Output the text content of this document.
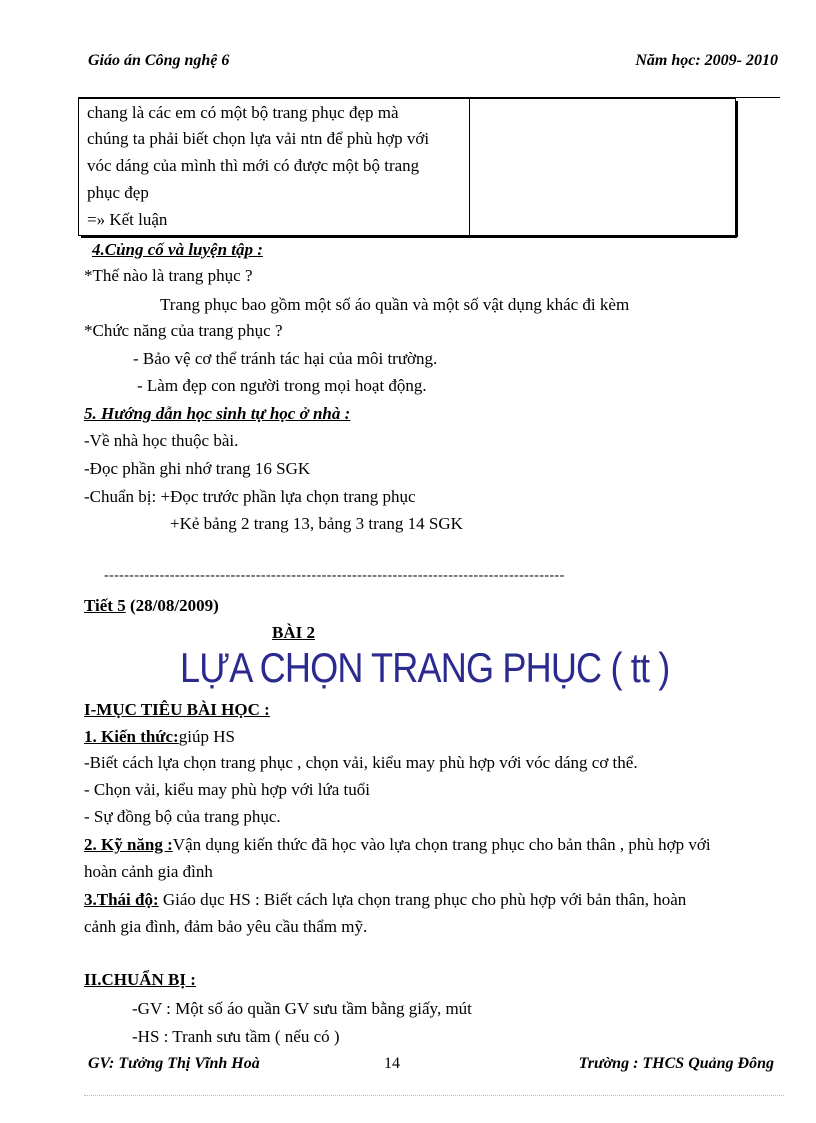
Giáo án Công nghệ 6	Năm học: 2009- 2010
chang là các em có một bộ trang phục đẹp mà
chúng ta phải biết chọn lựa vải ntn để phù hợp với
vóc dáng của mình thì mới có được một bộ trang
phục đẹp
=» Kết luận
4.Củng cố và luyện tập :
*Thế nào là trang phục ?
Trang phục bao gồm một số áo quần và một số vật dụng khác đi kèm
*Chức năng của trang phục ?
- Bảo vệ cơ thể tránh tác hại của môi trường.
- Làm đẹp con người trong mọi hoạt động.
5. Hướng dẫn học sinh tự học ở nhà :
-Về nhà học thuộc bài.
-Đọc phần ghi nhớ trang 16 SGK
-Chuẩn bị: +Đọc trước phần lựa chọn trang phục
+Kẻ bảng 2 trang 13, bảng 3 trang 14 SGK
-------------------------------------------------------------------------------------------
Tiết 5 (28/08/2009)
BÀI 2
LỰA CHỌN TRANG PHỤC ( tt )
I-MỤC TIÊU BÀI HỌC :
1. Kiến thức:giúp HS
-Biết cách lựa chọn trang phục , chọn vải, kiểu may phù hợp với vóc dáng cơ thể.
- Chọn vải, kiểu may phù hợp với lứa tuổi
- Sự đồng bộ của trang phục.
2. Kỹ năng :Vận dụng kiến thức đã học vào lựa chọn trang phục cho bản thân , phù hợp với
hoàn cảnh gia đình
3.Thái độ: Giáo dục HS : Biết cách lựa chọn trang phục cho phù hợp với bản thân, hoàn
cảnh gia đình, đảm bảo yêu cầu thẩm mỹ.
II.CHUẨN BỊ :
-GV : Một số áo quần GV sưu tầm bằng giấy, mút
-HS : Tranh sưu tầm ( nếu có )
GV: Tưởng Thị Vĩnh Hoà	14	Trường : THCS Quảng Đông
